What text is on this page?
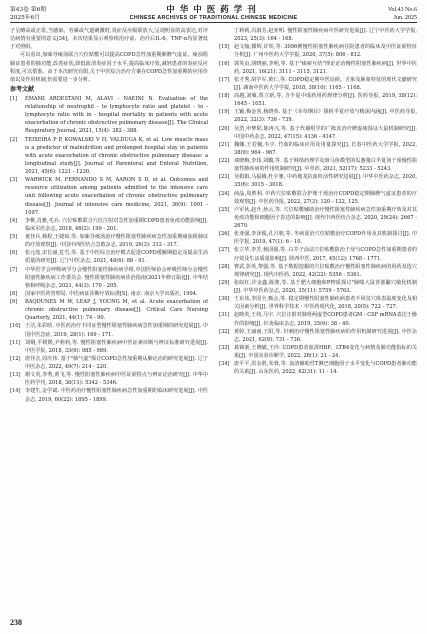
第43卷 第6期
2025年6月
中华中医药学刊
CHINESE ARCHIVES OF TRADITIONAL CHINESE MEDICINE
Vol.43 No.6
Jun. 2025

子呈略高或正常,当感染、劳累或气道刺激时,炎症反应级联放大,呈现明显的高表达,对评估病情有重要的意义[34]。本次结果显示观察组治疗前、治疗后IL-6、TNF-α均显著低于对照组。

可以看出,加味导痰汤联合穴位贴敷可以提高COPD急性加重期肺脾气虚证、痰浊阻肺证患者的肺功能,改善症状,降低血清炎症因子水平,提高临床疗效,减轻患者的炎症反应程度,可以借鉴。由于本次研究有限,关于中医综合治疗方案在COPD急性加重期的应用价值以及作用机制,仍需要进一步分析。

参考文献

[1] EMAMI ARDESTANI M, ALAVI - NAEINI N. Evaluation of the relationship of neutrophil - to lymphocyte ratio and platelet - to - lymphocyte ratio with in - hospital mortality in patients with acute exacerbation of chronic obstructive pulmonary disease[J]. The Clinical Respiratory Journal, 2021, 15(4): 382 - 388.

[2] TEIXEIRA P P, KOWALSKI V H, VALDUGA K, et al. Low muscle mass is a predictor of malnutrition and prolonged hospital stay in patients with acute exacerbation of chronic obstructive pulmonary disease: a longitudinal study[J]. Journal of Parenteral and Enteral Nutrition, 2021, 45(6): 1221 - 1230.

[3] WARWICK M, FERNANDO S M, AARON S D, et al. Outcomes and resource utilization among patients admitted to the intensive care unit following acute exacerbation of chronic obstructive pulmonary disease[J]. Journal of intensive care medicine, 2021, 36(9): 1091 - 1097.

[4] 李桃,肖雅,毛兵. 穴位贴敷联合穴位注射对急性加重期COPD患者免疫功能影响[J]. 临床军医杂志, 2018, 46(2): 199 - 201.

[5] 童佳兵,杨程,王婕琼,等. 加味导痰汤治疗慢性阻塞性肺疾病急性加重期痰浊阻肺证的疗效观察[J]. 中国中西医结合急救杂志, 2019, 26(3): 312 - 317.

[6] 张元莲,宋长丽,危雪,等. 基于中医综合治疗模式促进COPD缓解期稳定及提高生活质量的研究[J]. 辽宁中医杂志, 2021, 48(6): 88 - 91.

[7] 中华医学会呼吸病学分会慢性阻塞性肺疾病学组,中国医师协会呼吸医师分会慢性阻塞性肺疾病工作委员会. 慢性阻塞性肺疾病诊治指南(2021年修订版)[J]. 中华结核和呼吸杂志, 2021, 44(3): 170 - 205.

[8] 国家中医药管理局. 中医病证诊断疗效标准[S]. 南京: 南京大学出版社, 1994.

[9] BAQDUNES M W, LEAP J, YOUNG M, et al. Acute exacerbation of chronic obstructive pulmonary disease[J]. Critical Care Nursing Quarterly, 2021, 44(1): 74 - 90.

[10] 王洁,朱彩晗. 中医药治疗不同证型慢性阻塞性肺疾病急性加重期的研究进展[J]. 中国中医急症, 2019, 28(1): 169 - 171.

[11] 刘炯,平媛媛,尹莉莉,等. 慢性阻塞性肺疾病中医证素诊断与辨证标准研究进展[J]. 中医学报, 2018, 33(6): 985 - 989.

[12] 唐佳音,周庆伟. 基于"肺气虚"探讨COPD急性加重期从肺论治的研究进展[J]. 辽宁中医杂志, 2022, 49(7): 214 - 220.

[13] 谢文英,李秀,黄飞,等. 慢性阻塞性肺疾病中医证候特点与辨证论治研究[J]. 中华中医药学刊, 2018, 38(11): 5342 - 5346.

[14] 李建生,金学斌. 中医药治疗慢性阻塞性肺疾病急性加重期的临床研究进展[J]. 中医杂志, 2019, 60(22): 1895 - 1899.

丁莉莉,冯淑芬,赵亚明. 慢性阻塞性肺疾病中医研究进展[J]. 辽宁中医药大学学报, 2023, 25(3): 164 - 168.

[15] 赵文翰,滕辉,许钫,等. 3096例慢性阻塞性肺疾病住院患者的临床及中医证候特征分析[J]. 广州中医药大学学报, 2020, 37(5): 806 - 812.

[16] 郭英贞,胡晓丽,李明,等. 基于"痰瘀互结"理论论治慢性阻塞性肺疾病[J]. 世界中医药, 2021, 16(21): 3111 - 3115, 3121.

[17] 张才秀,胡学军,黄仁,等. COPD稳定期中医证候、舌象及脉象特征的现代文献研究[J]. 湖南中医药大学学报, 2018, 38(10): 1165 - 1168.

[18] 高越,刘雁,贾立新,等. 含半夏中成药用药规律分析[J]. 医药导报, 2019, 38(12): 1645 - 1651.

[19] 王颖,梅金喜,杨晓英. 基于《本草纲目》探析半夏疗效与精深内涵[J]. 中医药导报, 2022, 32(3): 736 - 739.

[20] 吴浩,申梦阳,陈再兴,等. 基于代谢组学的广陈皮治疗脾虚痰湿证大鼠机制研究[J]. 中国中药杂志, 2022, 47(15): 4136 - 4147.

[21] 魏娜,王若楠,韦宇. 竹茹的临床应用及用量探究[J]. 长春中医药大学学报, 2022, 38(9): 964 - 967.

[22] 谈晓梅,李玮,刘璐,等. 基于网络药理学及斑马鱼模型的瓜蒌薤白半夏汤干预慢性阻塞性肺疾病的作用机制研究[J]. 中草药, 2021, 52(17): 5233 - 5243.

[23] 吴娟娟,马福娥,杜宇驰. 中药地龙抗血栓活性研究进展[J]. 中华中医药杂志, 2020, 35(6): 3015 - 3018.

[24] 商晶,周胜利. 中药穴位贴敷联合护理干预治疗COPD稳定期肺脾气虚证患者的疗效观察[J]. 中医药导报, 2022, 27(3): 120 - 122, 125.

[25] 卢军伙,赵升,孙云,等. 穴位贴敷辅助治疗慢性阻塞性肺疾病急性加重期疗效及对其免疫功能和细胞因子表达的影响[J]. 现代中西医结合杂志, 2020, 29(24): 2667 - 2670.

[26] 张亚强,李泽俊,孔月朋,等. 冬病夏治穴位贴敷治疗COPD作用及其机制探讨[J]. 中医学报, 2019, 47(1): 6 - 10.

[27] 张立华,李芳,杨国强,等. 白芥子涂法穴位贴敷防治子母与COPD急性加重期患者的疗效及生活质量影响[J]. 陕西中医, 2017, 45(12): 1768 - 1771.

[28] 曹武,彭英,黎强,等. 基于数据挖掘的穴位贴敷治疗慢性阻塞性肺疾病的用药及选穴规律研究[J]. 现代中医药, 2022, 42(22): 5356 - 5361.

[29] 张皖红,许金鑫,陈骏,等. 基于肥大细胞和P物质探讨"肺喘大鼠背部腧穴敏化机制[J]. 中华中医药杂志, 2020, 35(11): 5759 - 5763.

[30] 王东伟,李国全,甄会,等. 稳定期慢性阻塞性肺疾病患者不同贫穴体表温度变化及相关因素分析[J]. 世界科学技术 - 中医药现代化, 2018, 20(5): 722 - 727.

[31] 赵映英,王伟,马宇. 穴位注射对肺肾两虚型COPD患者GM - CSF mRNA表达于操作的影响[J]. 针灸临床杂志, 2019, 35(6): 38 - 40.

[32] 黄婷,王丽丽,王阳,等. 针刺治疗慢性阻塞性肺疾病的作用机制研究进展[J]. 中医杂志, 2021, 62(8): 731 - 736.

[33] 葛锦浙,王晓敏,王玲. COPD患者血清HBP、LTB4变化与病情及肺功能指标的关系[J]. 中国实验诊断学, 2022, 26(1): 21 - 24.

[34] 唐平平,洪永胜,朱蓉,等. 血清辅助性T淋巴细胞因子水平变化与COPD患者肺功能的关系[J]. 山东医药, 2022, 62(31): 11 - 14.

238
